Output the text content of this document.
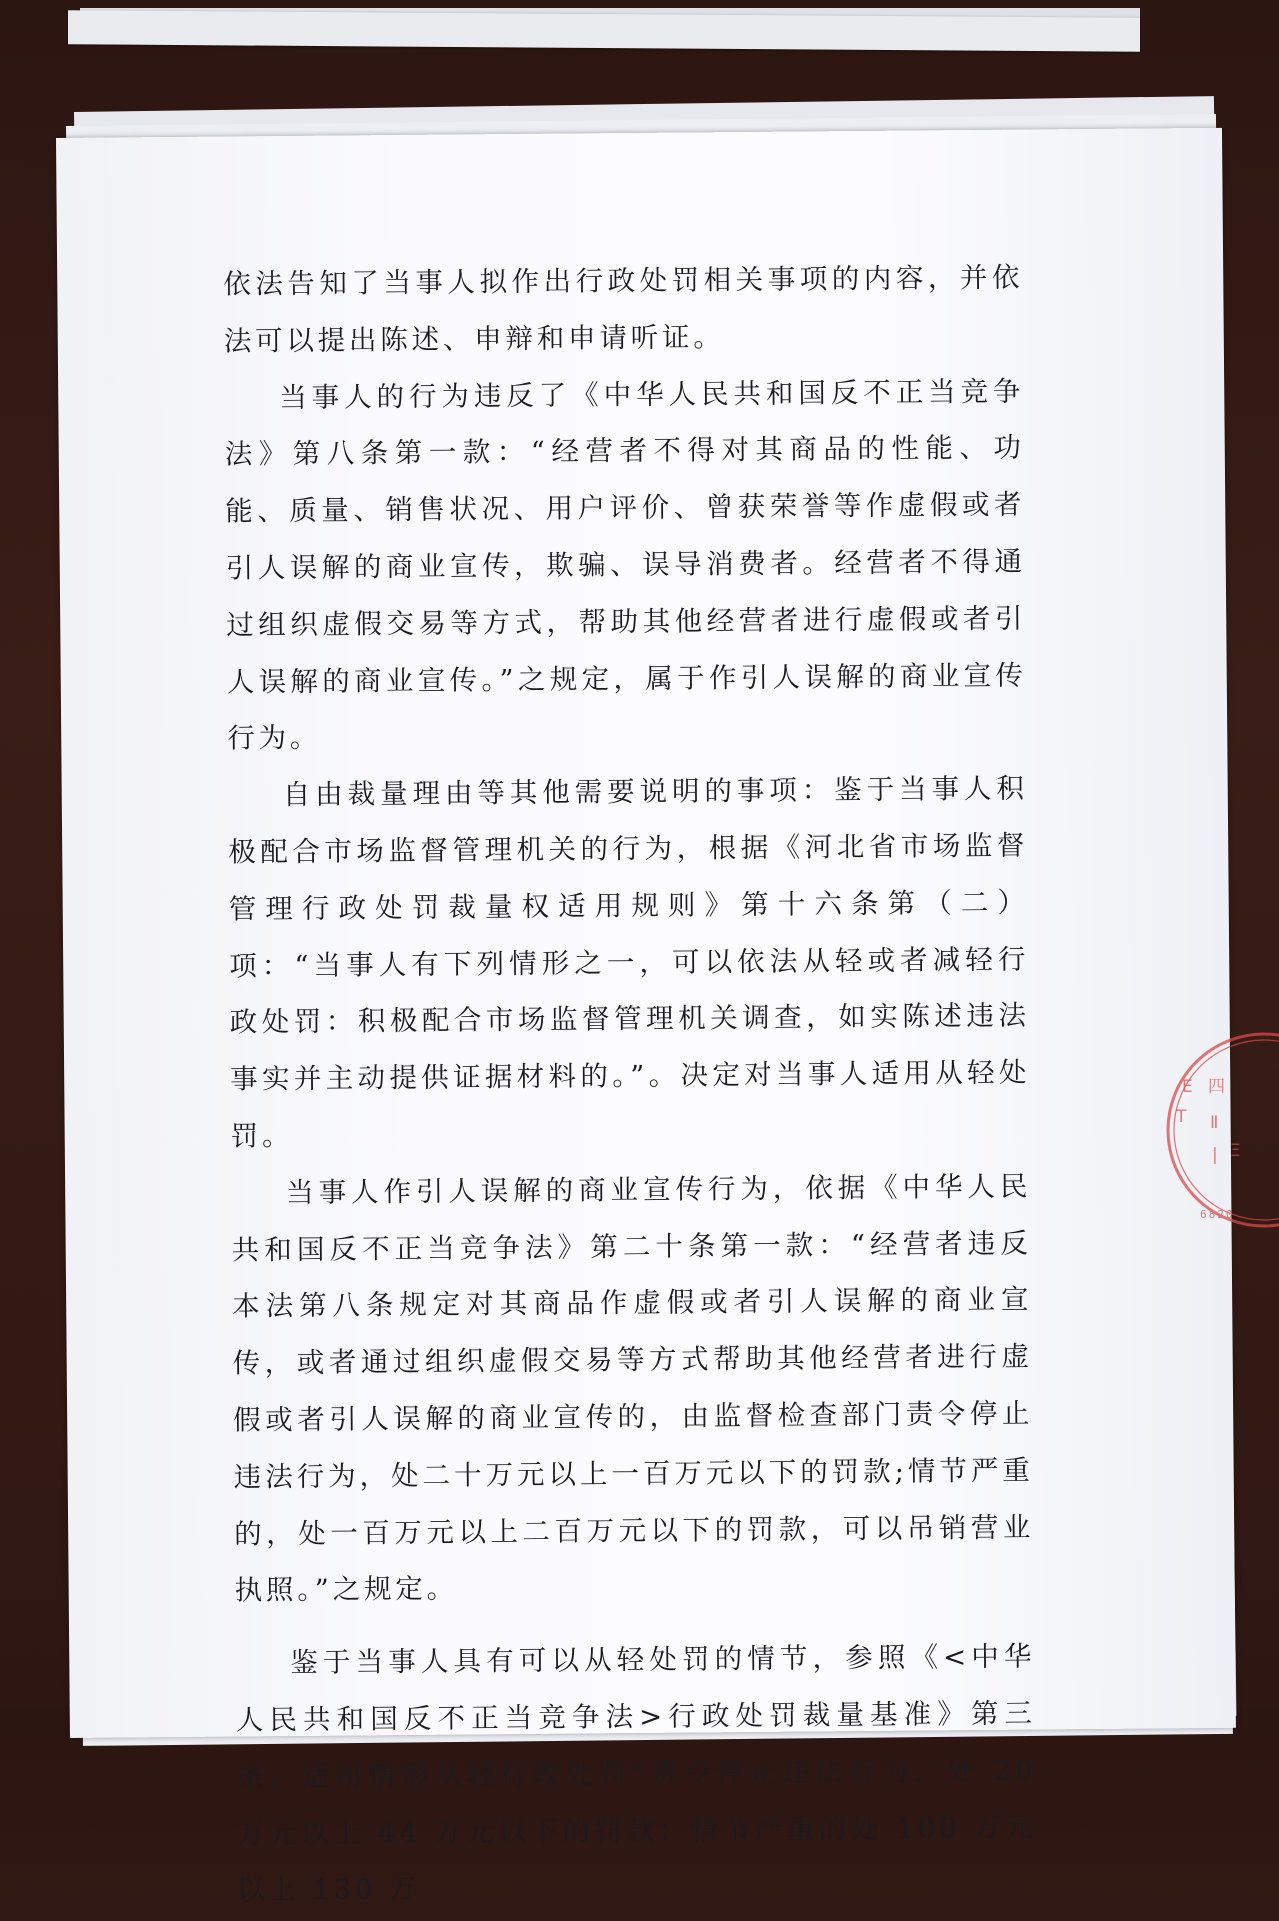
依法告知了当事人拟作出行政处罚相关事项的内容，并依法可以提出陈述、申辩和申请听证。

当事人的行为违反了《中华人民共和国反不正当竞争法》第八条第一款：“经营者不得对其商品的性能、功能、质量、销售状况、用户评价、曾获荣誉等作虚假或者引人误解的商业宣传，欺骗、误导消费者。经营者不得通过组织虚假交易等方式，帮助其他经营者进行虚假或者引人误解的商业宣传。”之规定，属于作引人误解的商业宣传行为。

自由裁量理由等其他需要说明的事项：鉴于当事人积极配合市场监督管理机关的行为，根据《河北省市场监督管理行政处罚裁量权适用规则》第十六条第（二）项：“当事人有下列情形之一，可以依法从轻或者减轻行政处罚：积极配合市场监督管理机关调查，如实陈述违法事实并主动提供证据材料的。”。决定对当事人适用从轻处罚。

当事人作引人误解的商业宣传行为，依据《中华人民共和国反不正当竞争法》第二十条第一款：“经营者违反本法第八条规定对其商品作虚假或者引人误解的商业宣传，或者通过组织虚假交易等方式帮助其他经营者进行虚假或者引人误解的商业宣传的，由监督检查部门责令停止违法行为，处二十万元以上一百万元以下的罚款;情节严重的，处一百万元以上二百万元以下的罚款，可以吊销营业执照。”之规定。

鉴于当事人具有可以从轻处罚的情节，参照《<中华人民共和国反不正当竞争法>行政处罚裁量基准》第三条，适用情形从轻行政处罚“责令停止违法行为，处 20 万元以上 44 万元以下的罚款；情节严重的处 100 万元以上 130 万

E
T
四
Ⅱ
| Ξ
6820
